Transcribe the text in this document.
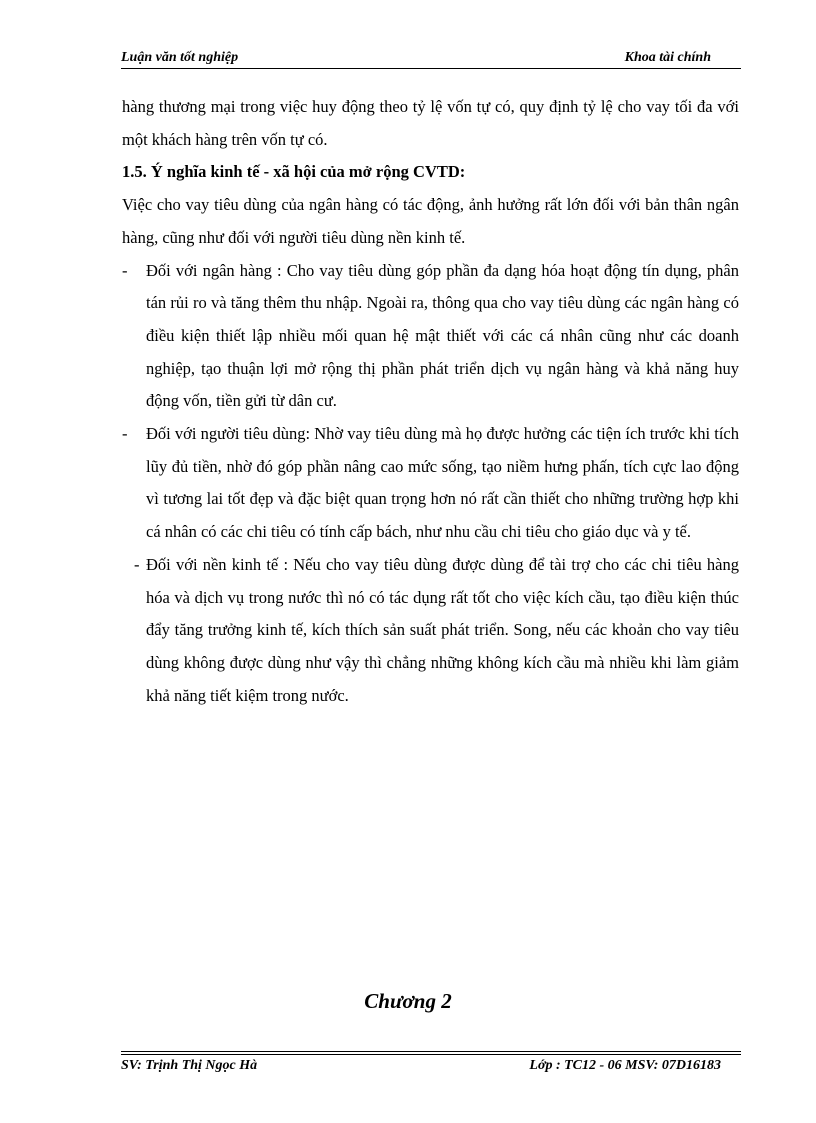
Luận văn tốt nghiệp	Khoa tài chính

hàng thương mại trong việc huy động theo tỷ lệ vốn tự có, quy định tỷ lệ cho vay tối đa với một khách hàng trên vốn tự có.

1.5. Ý nghĩa kinh tế - xã hội của mở rộng CVTD:

Việc cho vay tiêu dùng của ngân hàng có tác động, ảnh hưởng rất lớn đối với bản thân ngân hàng, cũng như đối với người tiêu dùng nền kinh tế.

- Đối với ngân hàng : Cho vay tiêu dùng góp phần đa dạng hóa hoạt động tín dụng, phân tán rủi ro và tăng thêm thu nhập. Ngoài ra, thông qua cho vay tiêu dùng các ngân hàng có điều kiện thiết lập nhiều mối quan hệ mật thiết với các cá nhân cũng như các doanh nghiệp, tạo thuận lợi mở rộng thị phần phát triển dịch vụ ngân hàng và khả năng huy động vốn, tiền gửi từ dân cư.

- Đối với người tiêu dùng: Nhờ vay tiêu dùng mà họ được hưởng các tiện ích trước khi tích lũy đủ tiền, nhờ đó góp phần nâng cao mức sống, tạo niềm hưng phấn, tích cực lao động vì tương lai tốt đẹp và đặc biệt quan trọng hơn nó rất cần thiết cho những trường hợp khi cá nhân có các chi tiêu có tính cấp bách, như nhu cầu chi tiêu cho giáo dục và y tế.

- Đối với nền kinh tế : Nếu cho vay tiêu dùng được dùng để tài trợ cho các chi tiêu hàng hóa và dịch vụ trong nước thì nó có tác dụng rất tốt cho việc kích cầu, tạo điều kiện thúc đẩy tăng trưởng kinh tế, kích thích sản suất phát triển. Song, nếu các khoản cho vay tiêu dùng không được dùng như vậy thì chẳng những không kích cầu mà nhiều khi làm giảm khả năng tiết kiệm trong nước.

Chương 2
SV: Trịnh Thị Ngọc Hà	Lớp : TC12 - 06 MSV: 07D16183
